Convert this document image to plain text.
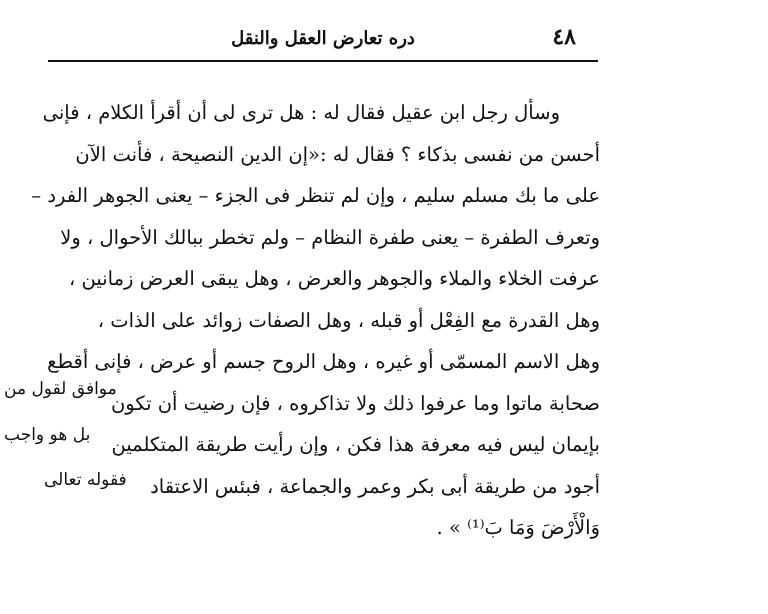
٤٨
دره تعارض العقل والنقل
وسأل رجل ابن عقيل فقال له : هل ترى لى أن أقرأ الكلام ، فإنى
أحسن من نفسى بذكاء ؟ فقال له :«إن الدين النصيحة ، فأنت الآن
على ما بك مسلم سليم ، وإن لم تنظر فى الجزء – يعنى الجوهر الفرد –
وتعرف الطفرة – يعنى طفرة النظام – ولم تخطر ببالك الأحوال ، ولا
عرفت الخلاء والملاء والجوهر والعرض ، وهل يبقى العرض زمانين ،
وهل القدرة مع الفِعْل أو قبله ، وهل الصفات زوائد على الذات ،
وهل الاسم المسمّى أو غيره ، وهل الروح جسم أو عرض ، فإنى أقطع
صحابة ماتوا وما عرفوا ذلك ولا تذاكروه ، فإن رضيت أن تكون
بإيمان ليس فيه معرفة هذا فكن ، وإن رأيت طريقة المتكلمين
أجود من طريقة أبى بكر وعمر والجماعة ، فبئس الاعتقاد
وَالْأَرْضَ وَمَا بَ⁽¹⁾ » .
موافق لقول من
بل هو واجب
فقوله تعالى
